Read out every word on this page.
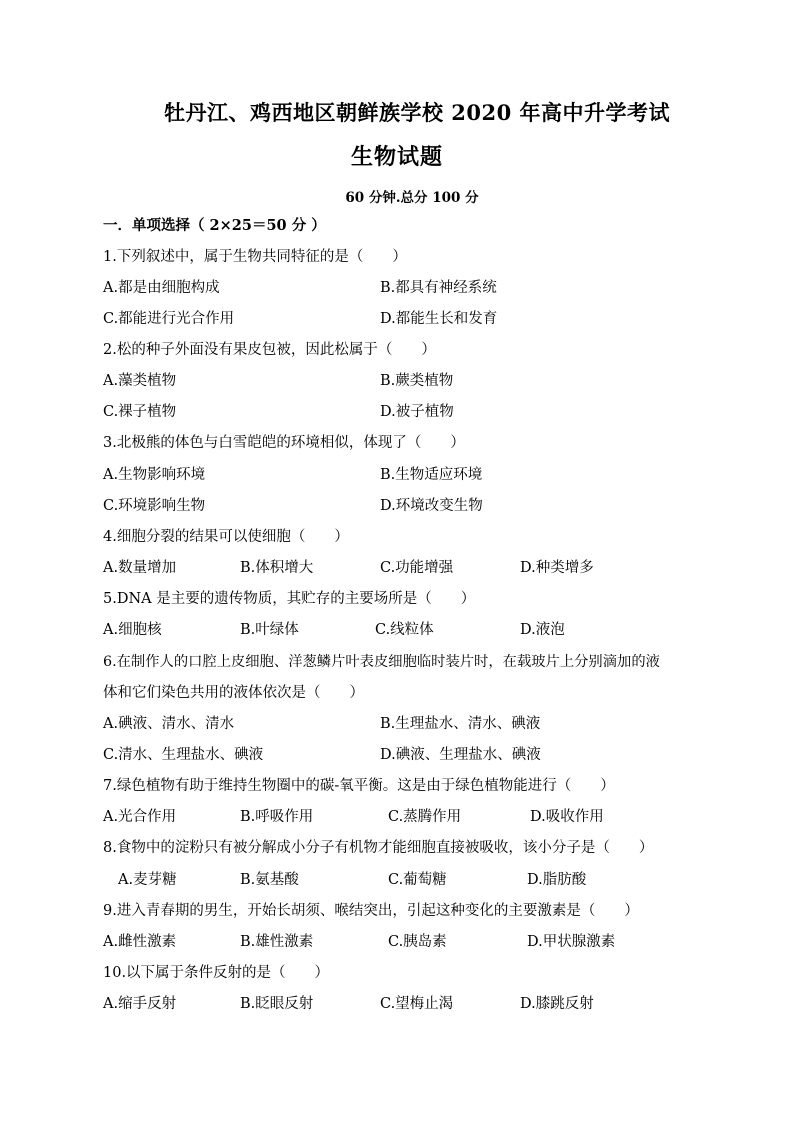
牡丹江、鸡西地区朝鲜族学校 2020 年高中升学考试
生物试题
60 分钟.总分 100 分
一．单项选择（ 2×25＝50 分 ）
1.下列叙述中，属于生物共同特征的是（　　）
A.都是由细胞构成	B.都具有神经系统
C.都能进行光合作用	D.都能生长和发育
2.松的种子外面没有果皮包被，因此松属于（　　）
A.藻类植物	B.蕨类植物
C.裸子植物	D.被子植物
3.北极熊的体色与白雪皑皑的环境相似，体现了（　　）
A.生物影响环境	B.生物适应环境
C.环境影响生物	D.环境改变生物
4.细胞分裂的结果可以使细胞（　　）
A.数量增加	B.体积增大	C.功能增强	D.种类增多
5.DNA 是主要的遗传物质，其贮存的主要场所是（　　）
A.细胞核	B.叶绿体	C.线粒体	D.液泡
6.在制作人的口腔上皮细胞、洋葱鳞片叶表皮细胞临时装片时，在载玻片上分别滴加的液
体和它们染色共用的液体依次是（　　）
A.碘液、清水、清水	B.生理盐水、清水、碘液
C.清水、生理盐水、碘液	D.碘液、生理盐水、碘液
7.绿色植物有助于维持生物圈中的碳-氧平衡。这是由于绿色植物能进行（　　）
A.光合作用	B.呼吸作用	C.蒸腾作用	D.吸收作用
8.食物中的淀粉只有被分解成小分子有机物才能细胞直接被吸收，该小分子是（　　）
A.麦芽糖	B.氨基酸	C.葡萄糖	D.脂肪酸
9.进入青春期的男生，开始长胡须、喉结突出，引起这种变化的主要激素是（　　）
A.雌性激素	B.雄性激素	C.胰岛素	D.甲状腺激素
10.以下属于条件反射的是（　　）
A.缩手反射	B.眨眼反射	C.望梅止渴	D.膝跳反射
